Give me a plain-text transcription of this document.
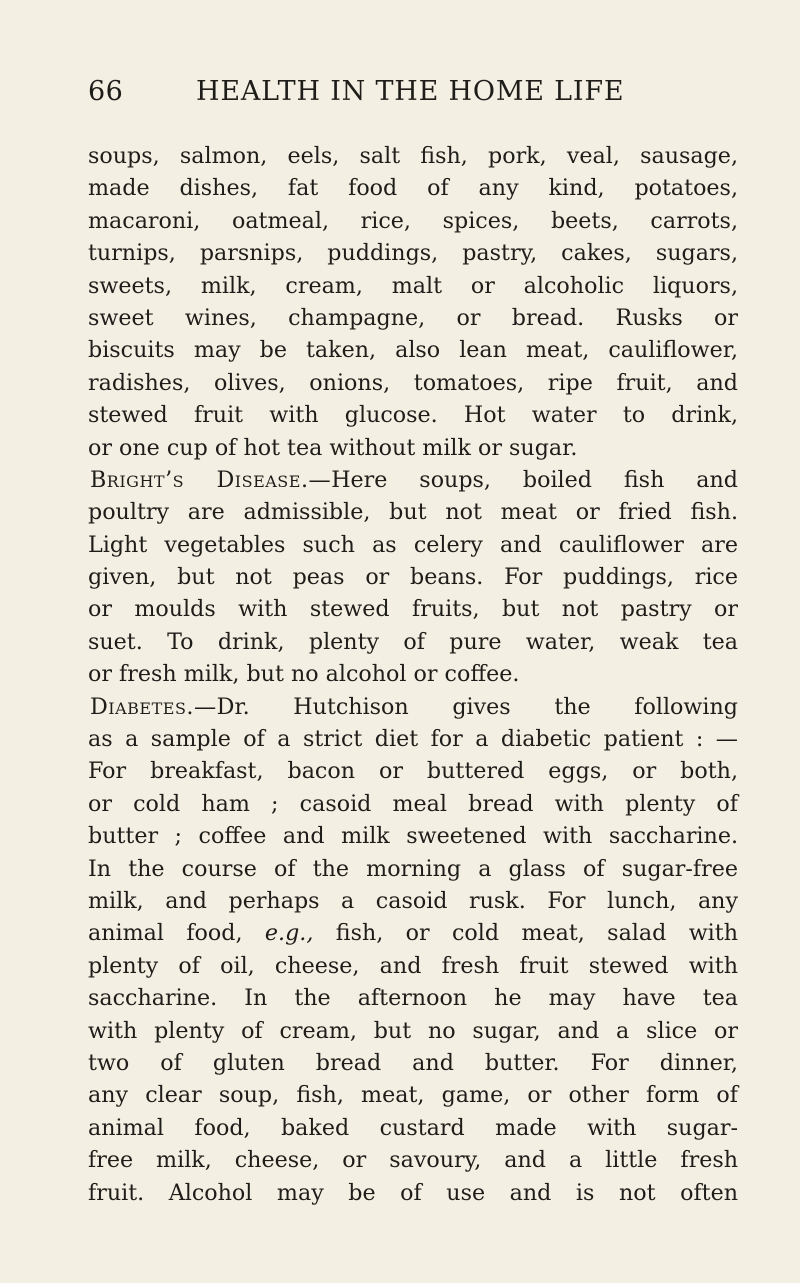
66	HEALTH IN THE HOME LIFE
soups, salmon, eels, salt fish, pork, veal, sausage,
made dishes, fat food of any kind, potatoes,
macaroni, oatmeal, rice, spices, beets, carrots,
turnips, parsnips, puddings, pastry, cakes, sugars,
sweets, milk, cream, malt or alcoholic liquors,
sweet wines, champagne, or bread. Rusks or
biscuits may be taken, also lean meat, cauliflower,
radishes, olives, onions, tomatoes, ripe fruit, and
stewed fruit with glucose. Hot water to drink,
or one cup of hot tea without milk or sugar.
Bright’s Disease.—Here soups, boiled fish and
poultry are admissible, but not meat or fried fish.
Light vegetables such as celery and cauliflower are
given, but not peas or beans. For puddings, rice
or moulds with stewed fruits, but not pastry or
suet. To drink, plenty of pure water, weak tea
or fresh milk, but no alcohol or coffee.
Diabetes.—Dr. Hutchison gives the following
as a sample of a strict diet for a diabetic patient : —
For breakfast, bacon or buttered eggs, or both,
or cold ham ; casoid meal bread with plenty of
butter ; coffee and milk sweetened with saccharine.
In the course of the morning a glass of sugar-free
milk, and perhaps a casoid rusk. For lunch, any
animal food, e.g., fish, or cold meat, salad with
plenty of oil, cheese, and fresh fruit stewed with
saccharine. In the afternoon he may have tea
with plenty of cream, but no sugar, and a slice or
two of gluten bread and butter. For dinner,
any clear soup, fish, meat, game, or other form of
animal food, baked custard made with sugar-
free milk, cheese, or savoury, and a little fresh
fruit. Alcohol may be of use and is not often
